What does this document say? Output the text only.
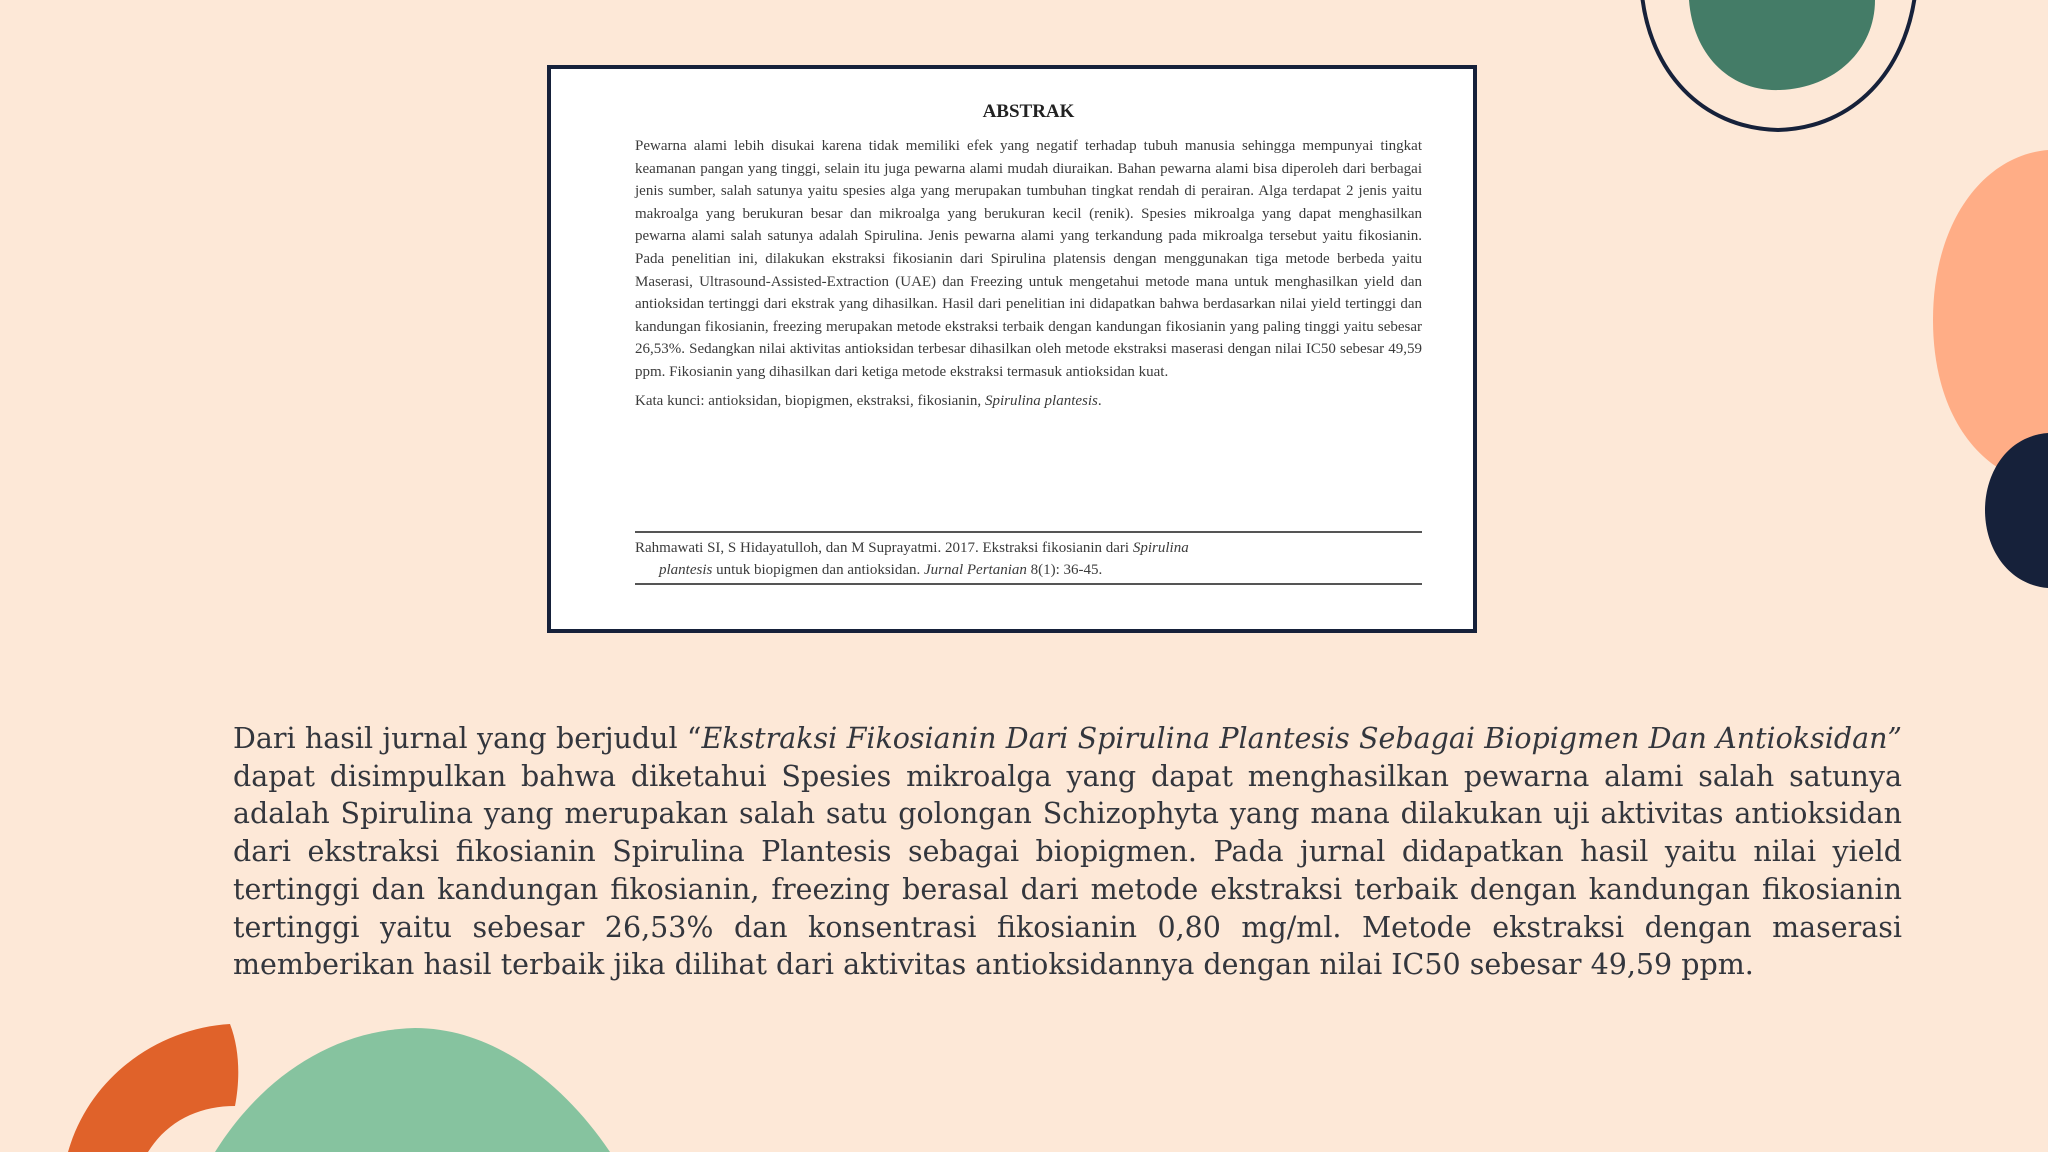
ABSTRAK

Pewarna alami lebih disukai karena tidak memiliki efek yang negatif terhadap tubuh manusia sehingga mempunyai tingkat keamanan pangan yang tinggi, selain itu juga pewarna alami mudah diuraikan. Bahan pewarna alami bisa diperoleh dari berbagai jenis sumber, salah satunya yaitu spesies alga yang merupakan tumbuhan tingkat rendah di perairan. Alga terdapat 2 jenis yaitu makroalga yang berukuran besar dan mikroalga yang berukuran kecil (renik). Spesies mikroalga yang dapat menghasilkan pewarna alami salah satunya adalah Spirulina. Jenis pewarna alami yang terkandung pada mikroalga tersebut yaitu fikosianin. Pada penelitian ini, dilakukan ekstraksi fikosianin dari Spirulina platensis dengan menggunakan tiga metode berbeda yaitu Maserasi, Ultrasound-Assisted-Extraction (UAE) dan Freezing untuk mengetahui metode mana untuk menghasilkan yield dan antioksidan tertinggi dari ekstrak yang dihasilkan. Hasil dari penelitian ini didapatkan bahwa berdasarkan nilai yield tertinggi dan kandungan fikosianin, freezing merupakan metode ekstraksi terbaik dengan kandungan fikosianin yang paling tinggi yaitu sebesar 26,53%. Sedangkan nilai aktivitas antioksidan terbesar dihasilkan oleh metode ekstraksi maserasi dengan nilai IC50 sebesar 49,59 ppm. Fikosianin yang dihasilkan dari ketiga metode ekstraksi termasuk antioksidan kuat.

Kata kunci: antioksidan, biopigmen, ekstraksi, fikosianin, Spirulina plantesis.

Rahmawati SI, S Hidayatulloh, dan M Suprayatmi. 2017. Ekstraksi fikosianin dari Spirulina
plantesis untuk biopigmen dan antioksidan. Jurnal Pertanian 8(1): 36-45.

Dari hasil jurnal yang berjudul “Ekstraksi Fikosianin Dari Spirulina Plantesis Sebagai Biopigmen Dan Antioksidan” dapat disimpulkan bahwa diketahui Spesies mikroalga yang dapat menghasilkan pewarna alami salah satunya adalah Spirulina yang merupakan salah satu golongan Schizophyta yang mana dilakukan uji aktivitas antioksidan dari ekstraksi fikosianin Spirulina Plantesis sebagai biopigmen. Pada jurnal didapatkan hasil yaitu nilai yield tertinggi dan kandungan fikosianin, freezing berasal dari metode ekstraksi terbaik dengan kandungan fikosianin tertinggi yaitu sebesar 26,53% dan konsentrasi fikosianin 0,80 mg/ml. Metode ekstraksi dengan maserasi memberikan hasil terbaik jika dilihat dari aktivitas antioksidannya dengan nilai IC50 sebesar 49,59 ppm.
